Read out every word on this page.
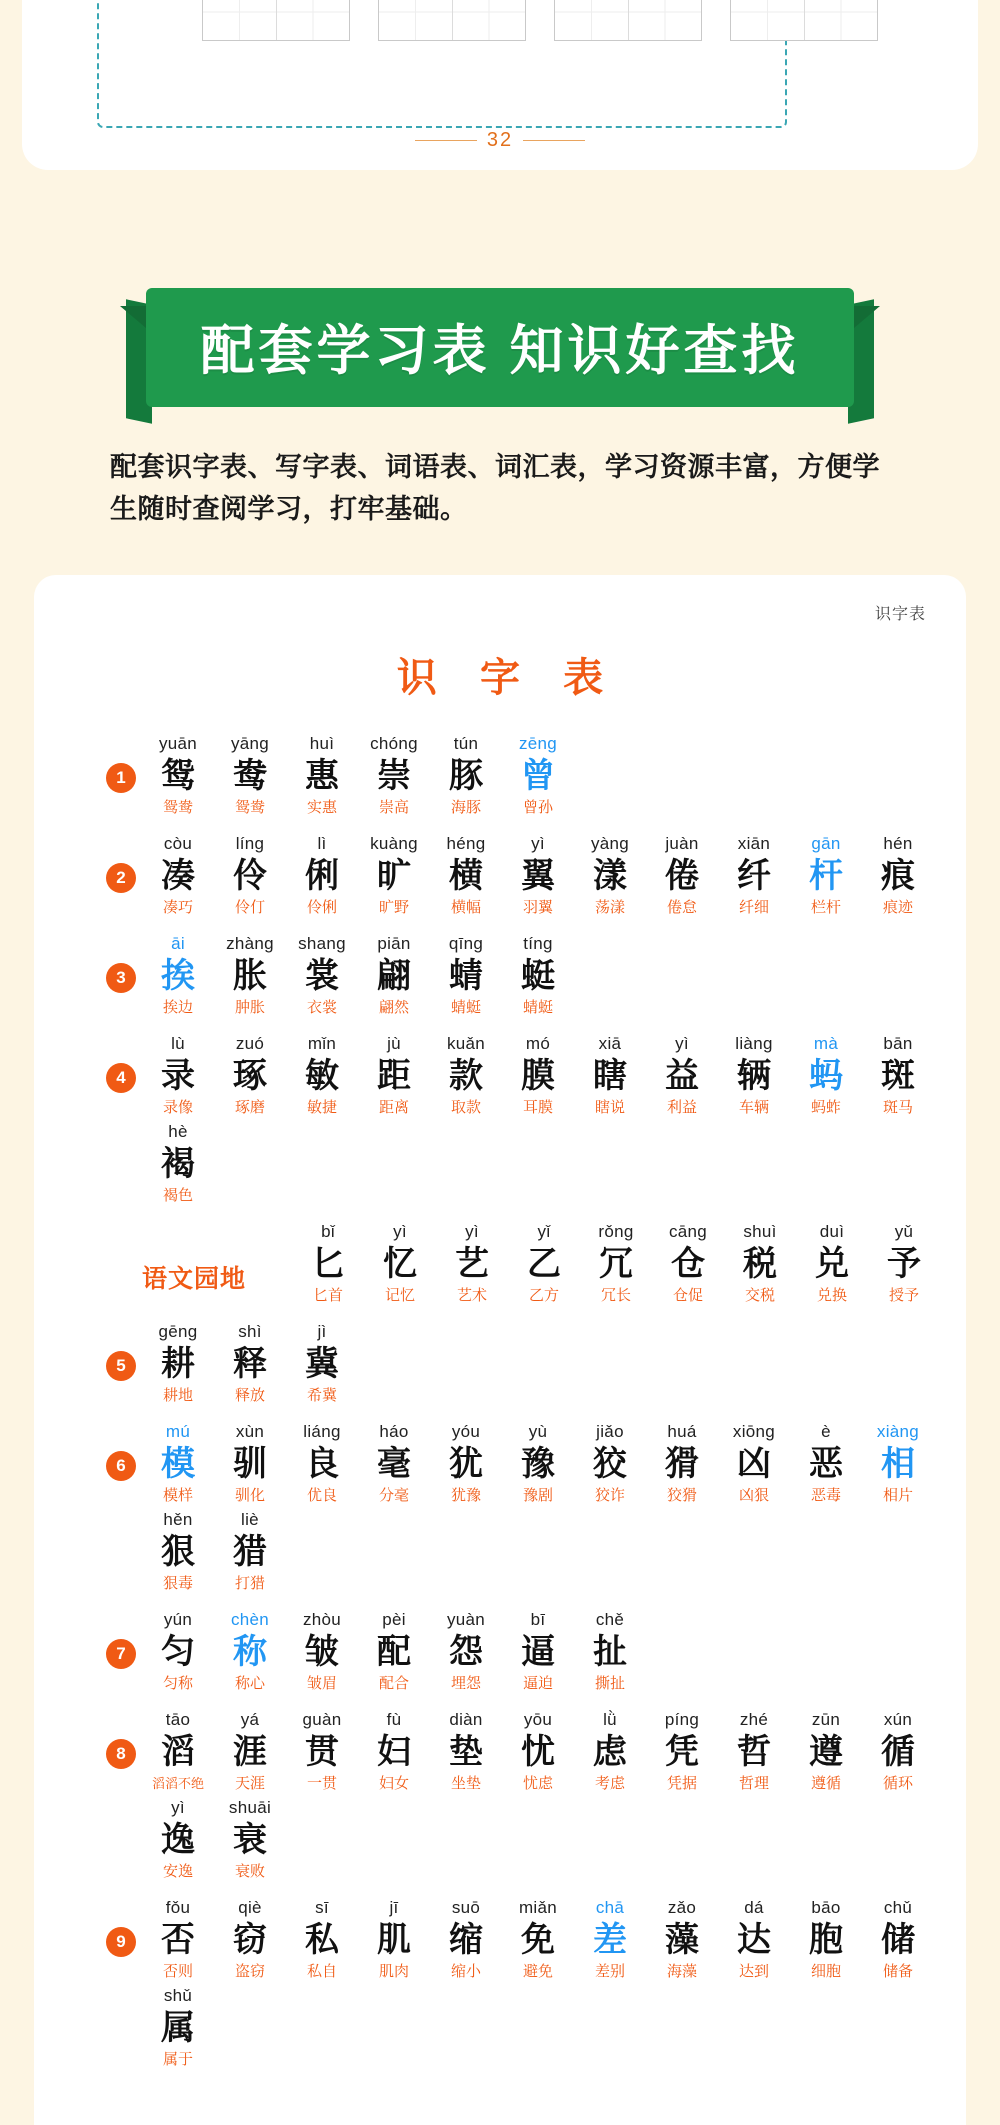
32
配套学习表 知识好查找
配套识字表、写字表、词语表、词汇表，学习资源丰富，方便学生随时查阅学习，打牢基础。
识字表
识 字 表
1
yuān
鸳
鸳鸯
yāng
鸯
鸳鸯
huì
惠
实惠
chóng
崇
崇高
tún
豚
海豚
zēng
曾
曾孙
2
còu
凑
凑巧
líng
伶
伶仃
lì
俐
伶俐
kuàng
旷
旷野
héng
横
横幅
yì
翼
羽翼
yàng
漾
荡漾
juàn
倦
倦怠
xiān
纤
纤细
gān
杆
栏杆
hén
痕
痕迹
3
āi
挨
挨边
zhàng
胀
肿胀
shang
裳
衣裳
piān
翩
翩然
qīng
蜻
蜻蜓
tíng
蜓
蜻蜓
4
lù
录
录像
zuó
琢
琢磨
mǐn
敏
敏捷
jù
距
距离
kuǎn
款
取款
mó
膜
耳膜
xiā
瞎
瞎说
yì
益
利益
liàng
辆
车辆
mà
蚂
蚂蚱
bān
斑
斑马
hè
褐
褐色
语文园地
bǐ
匕
匕首
yì
忆
记忆
yì
艺
艺术
yǐ
乙
乙方
rǒng
冗
冗长
cāng
仓
仓促
shuì
税
交税
duì
兑
兑换
yǔ
予
授予
5
gēng
耕
耕地
shì
释
释放
jì
冀
希冀
6
mú
模
模样
xùn
驯
驯化
liáng
良
优良
háo
毫
分毫
yóu
犹
犹豫
yù
豫
豫剧
jiǎo
狡
狡诈
huá
猾
狡猾
xiōng
凶
凶狠
è
恶
恶毒
xiàng
相
相片
hěn
狠
狠毒
liè
猎
打猎
7
yún
匀
匀称
chèn
称
称心
zhòu
皱
皱眉
pèi
配
配合
yuàn
怨
埋怨
bī
逼
逼迫
chě
扯
撕扯
8
tāo
滔
滔滔不绝
yá
涯
天涯
guàn
贯
一贯
fù
妇
妇女
diàn
垫
坐垫
yōu
忧
忧虑
lǜ
虑
考虑
píng
凭
凭据
zhé
哲
哲理
zūn
遵
遵循
xún
循
循环
yì
逸
安逸
shuāi
衰
衰败
9
fǒu
否
否则
qiè
窃
盗窃
sī
私
私自
jī
肌
肌肉
suō
缩
缩小
miǎn
免
避免
chā
差
差别
zǎo
藻
海藻
dá
达
达到
bāo
胞
细胞
chǔ
储
储备
shǔ
属
属于
